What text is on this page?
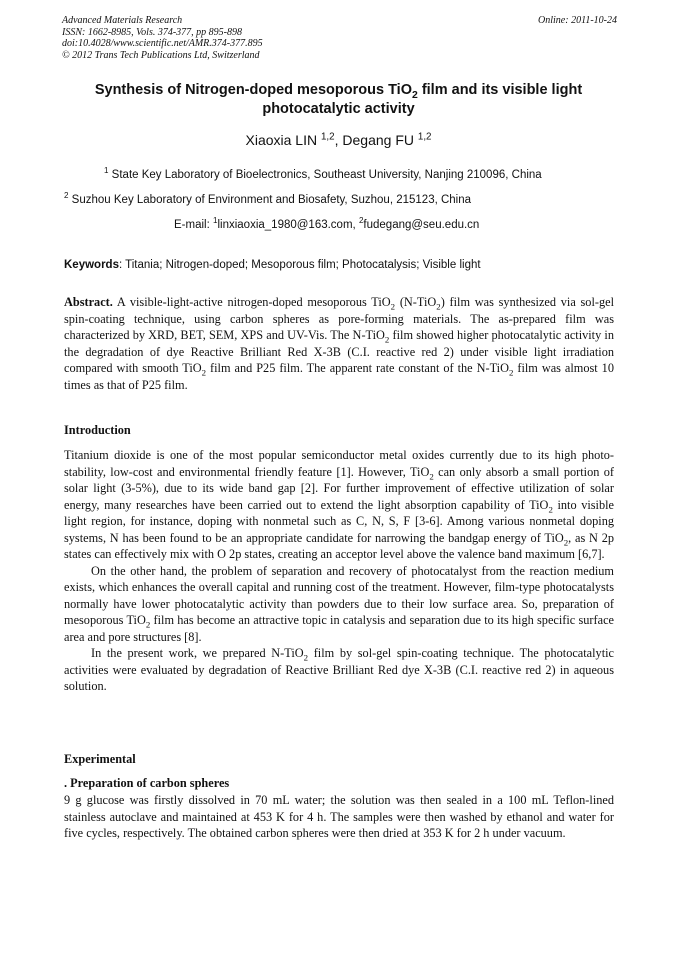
Advanced Materials Research
ISSN: 1662-8985, Vols. 374-377, pp 895-898
doi:10.4028/www.scientific.net/AMR.374-377.895
© 2012 Trans Tech Publications Ltd, Switzerland
Online: 2011-10-24
Synthesis of Nitrogen-doped mesoporous TiO$_2$ film and its visible light photocatalytic activity
Xiaoxia LIN $^{1,2}$, Degang FU $^{1,2}$
$^1$ State Key Laboratory of Bioelectronics, Southeast University, Nanjing 210096, China
$^2$ Suzhou Key Laboratory of Environment and Biosafety, Suzhou, 215123, China
E-mail: $^1$linxiaoxia_1980@163.com, $^2$fudegang@seu.edu.cn
Keywords: Titania; Nitrogen-doped; Mesoporous film; Photocatalysis; Visible light
Abstract. A visible-light-active nitrogen-doped mesoporous TiO$_2$ (N-TiO$_2$) film was synthesized via sol-gel spin-coating technique, using carbon spheres as pore-forming materials. The as-prepared film was characterized by XRD, BET, SEM, XPS and UV-Vis. The N-TiO$_2$ film showed higher photocatalytic activity in the degradation of dye Reactive Brilliant Red X-3B (C.I. reactive red 2) under visible light irradiation compared with smooth TiO$_2$ film and P25 film. The apparent rate constant of the N-TiO$_2$ film was almost 10 times as that of P25 film.
Introduction

Titanium dioxide is one of the most popular semiconductor metal oxides currently due to its high photo-stability, low-cost and environmental friendly feature [1]. However, TiO$_2$ can only absorb a small portion of solar light (3-5%), due to its wide band gap [2]. For further improvement of effective utilization of solar energy, many researches have been carried out to extend the light absorption capability of TiO$_2$ into visible light region, for instance, doping with nonmetal such as C, N, S, F [3-6]. Among various nonmetal doping systems, N has been found to be an appropriate candidate for narrowing the bandgap energy of TiO$_2$, as N 2p states can effectively mix with O 2p states, creating an acceptor level above the valence band maximum [6,7].

On the other hand, the problem of separation and recovery of photocatalyst from the reaction medium exists, which enhances the overall capital and running cost of the treatment. However, film-type photocatalysts normally have lower photocatalytic activity than powders due to their low surface area. So, preparation of mesoporous TiO$_2$ film has become an attractive topic in catalysis and separation due to its high specific surface area and pore structures [8].

In the present work, we prepared N-TiO$_2$ film by sol-gel spin-coating technique. The photocatalytic activities were evaluated by degradation of Reactive Brilliant Red dye X-3B (C.I. reactive red 2) in aqueous solution.

Experimental
. Preparation of carbon spheres
9 g glucose was firstly dissolved in 70 mL water; the solution was then sealed in a 100 mL Teflon-lined stainless autoclave and maintained at 453 K for 4 h. The samples were then washed by ethanol and water for five cycles, respectively. The obtained carbon spheres were then dried at 353 K for 2 h under vacuum.
